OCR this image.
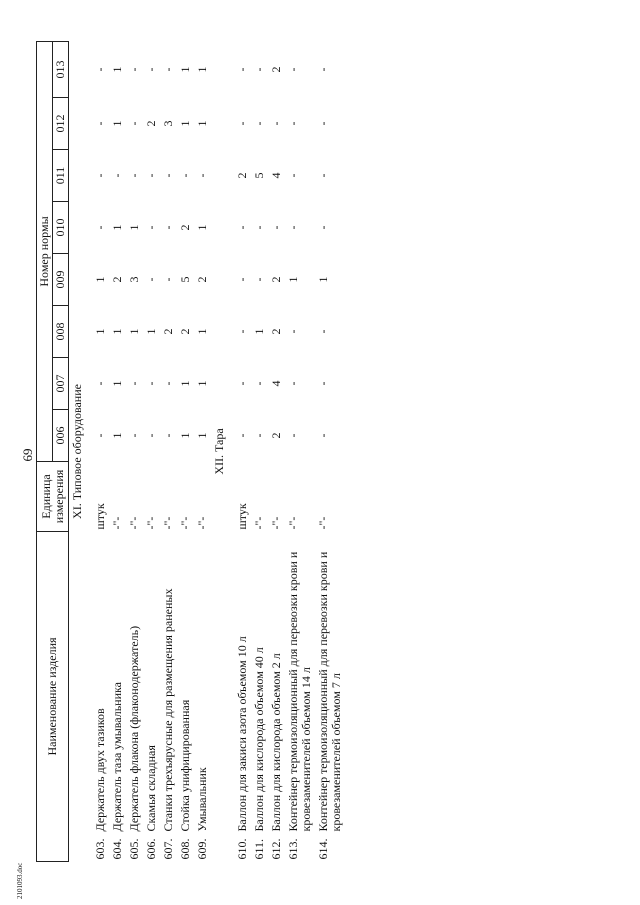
69
2101093.doc
Наименование изделия		Единица
измерения	Номер нормы							
			006	007	008	009	010	011	012	013
XI. Типовое оборудование										
603.	Держатель двух тазиков	штук	-	-	1	1	-	-	-	-
604.	Держатель таза умывальника	-"-	1	1	1	2	1	-	1	1
605.	Держатель флакона (флаконодержатель)	-"-	-	-	1	3	1	-	-	-
606.	Скамья складная	-"-	-	-	1	-	-	-	2	-
607.	Станки трехъярусные для размещения раненых	-"-	-	-	2	-	-	-	3	-
608.	Стойка унифицированная	-"-	1	1	2	5	2	-	1	1
609.	Умывальник	-"-	1	1	1	2	1	-	1	1
XII. Тара										
610.	Баллон для закиси азота объемом 10 л	штук	-	-	-	-	-	2	-	-
611.	Баллон для кислорода объемом 40 л	-"-	-	-	1	-	-	5	-	-
612.	Баллон для кислорода объемом 2 л	-"-	2	4	2	2	-	4	-	2
613.	Контейнер термоизоляционный для перевозки крови и кровезаменителей объемом 14 л	-"-	-	-	-	1	-	-	-	-
614.	Контейнер термоизоляционный для перевозки крови и кровезаменителей объемом 7 л	-"-	-	-	-	1	-	-	-	-
